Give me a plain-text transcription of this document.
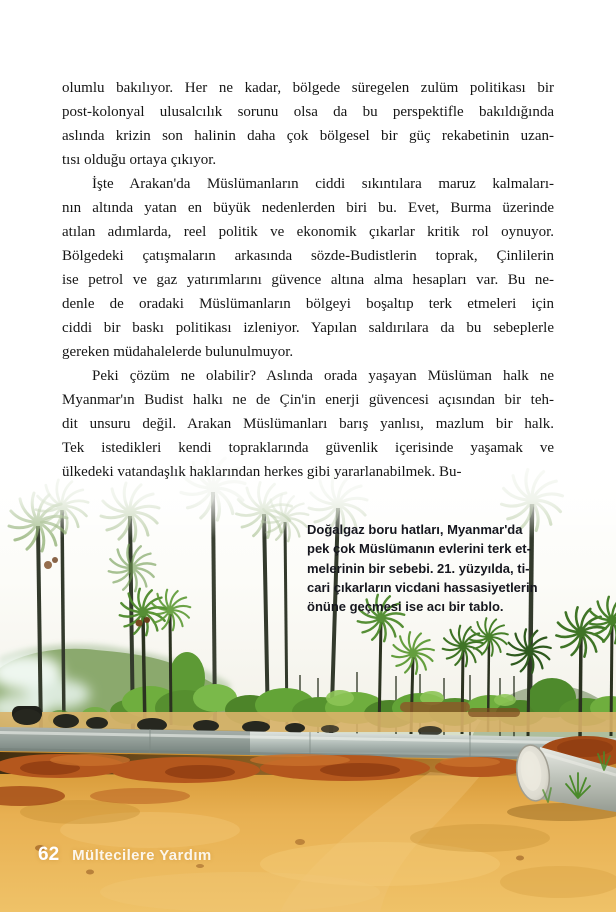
olumlu bakılıyor. Her ne kadar, bölgede süregelen zulüm politikası bir
post-kolonyal ulusalcılık sorunu olsa da bu perspektifle bakıldığında
aslında krizin son halinin daha çok bölgesel bir güç rekabetinin uzan-
tısı olduğu ortaya çıkıyor.
İşte Arakan'da Müslümanların ciddi sıkıntılara maruz kalmaları-
nın altında yatan en büyük nedenlerden biri bu. Evet, Burma üzerinde
atılan adımlarda, reel politik ve ekonomik çıkarlar kritik rol oynuyor.
Bölgedeki çatışmaların arkasında sözde-Budistlerin toprak, Çinlilerin
ise petrol ve gaz yatırımlarını güvence altına alma hesapları var. Bu ne-
denle de oradaki Müslümanların bölgeyi boşaltıp terk etmeleri için
ciddi bir baskı politikası izleniyor. Yapılan saldırılara da bu sebeplerle
gereken müdahalelerde bulunulmuyor.
Peki çözüm ne olabilir? Aslında orada yaşayan Müslüman halk ne
Myanmar'ın Budist halkı ne de Çin'in enerji güvencesi açısından bir teh-
dit unsuru değil. Arakan Müslümanları barış yanlısı, mazlum bir halk.
Tek istedikleri kendi topraklarında güvenlik içerisinde yaşamak ve
ülkedeki vatandaşlık haklarından herkes gibi yararlanabilmek. Bu-
Doğalgaz boru hatları, Myanmar'da
pek çok Müslümanın evlerini terk et-
melerinin bir sebebi. 21. yüzyılda, ti-
cari çıkarların vicdani hassasiyetlerin
önüne geçmesi ise acı bir tablo.
62 Mültecilere Yardım
